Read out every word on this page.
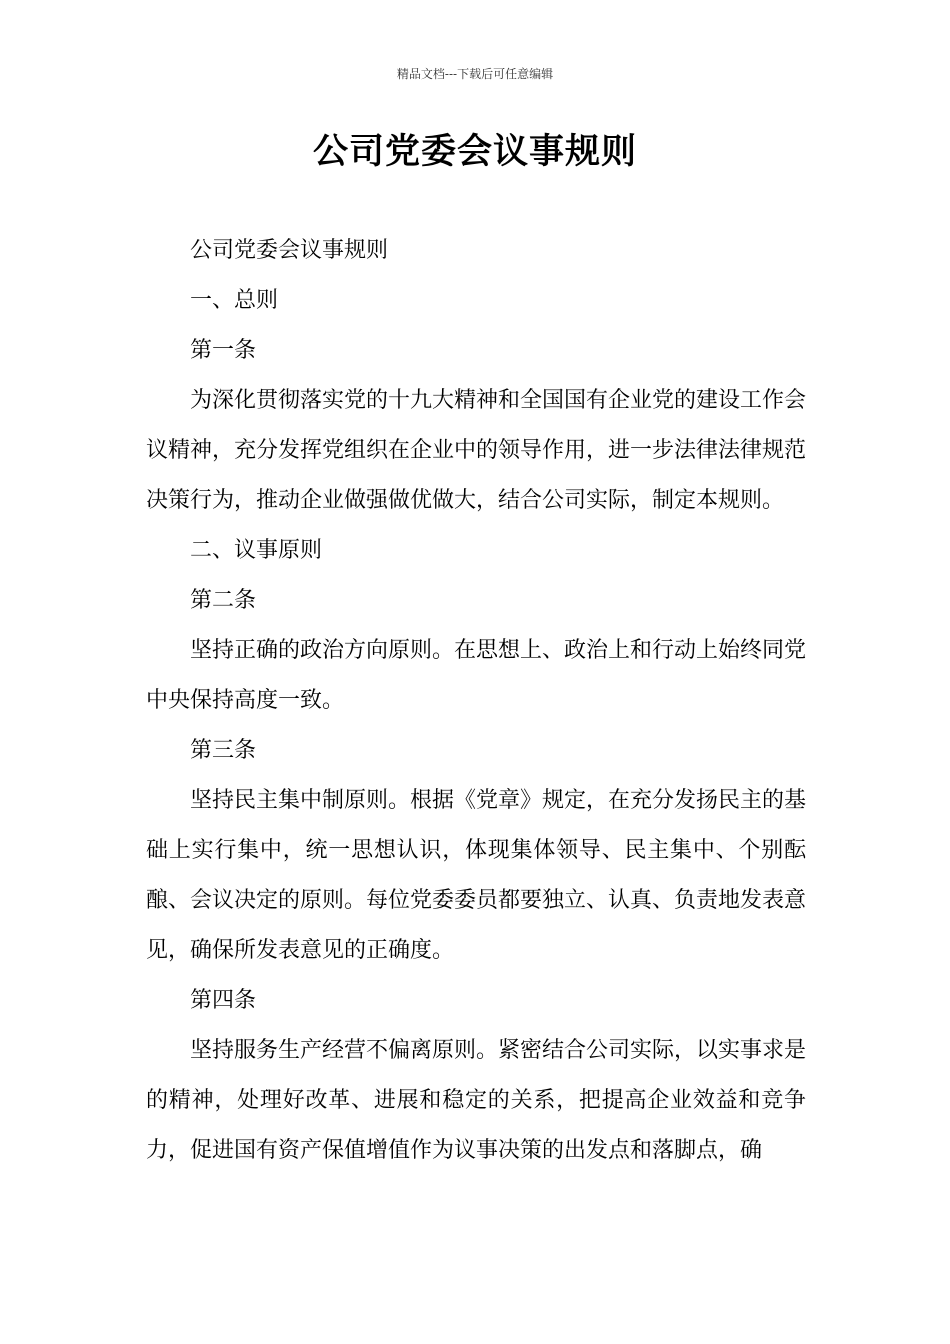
精品文档---下载后可任意编辑
公司党委会议事规则

公司党委会议事规则

一、总则

第一条

为深化贯彻落实党的十九大精神和全国国有企业党的建设工作会议精神，充分发挥党组织在企业中的领导作用，进一步法律法律规范决策行为，推动企业做强做优做大，结合公司实际，制定本规则。

二、议事原则

第二条

坚持正确的政治方向原则。在思想上、政治上和行动上始终同党中央保持高度一致。

第三条

坚持民主集中制原则。根据《党章》规定，在充分发扬民主的基础上实行集中，统一思想认识，体现集体领导、民主集中、个别酝酿、会议决定的原则。每位党委委员都要独立、认真、负责地发表意见，确保所发表意见的正确度。

第四条

坚持服务生产经营不偏离原则。紧密结合公司实际，以实事求是的精神，处理好改革、进展和稳定的关系，把提高企业效益和竞争力，促进国有资产保值增值作为议事决策的出发点和落脚点，确
